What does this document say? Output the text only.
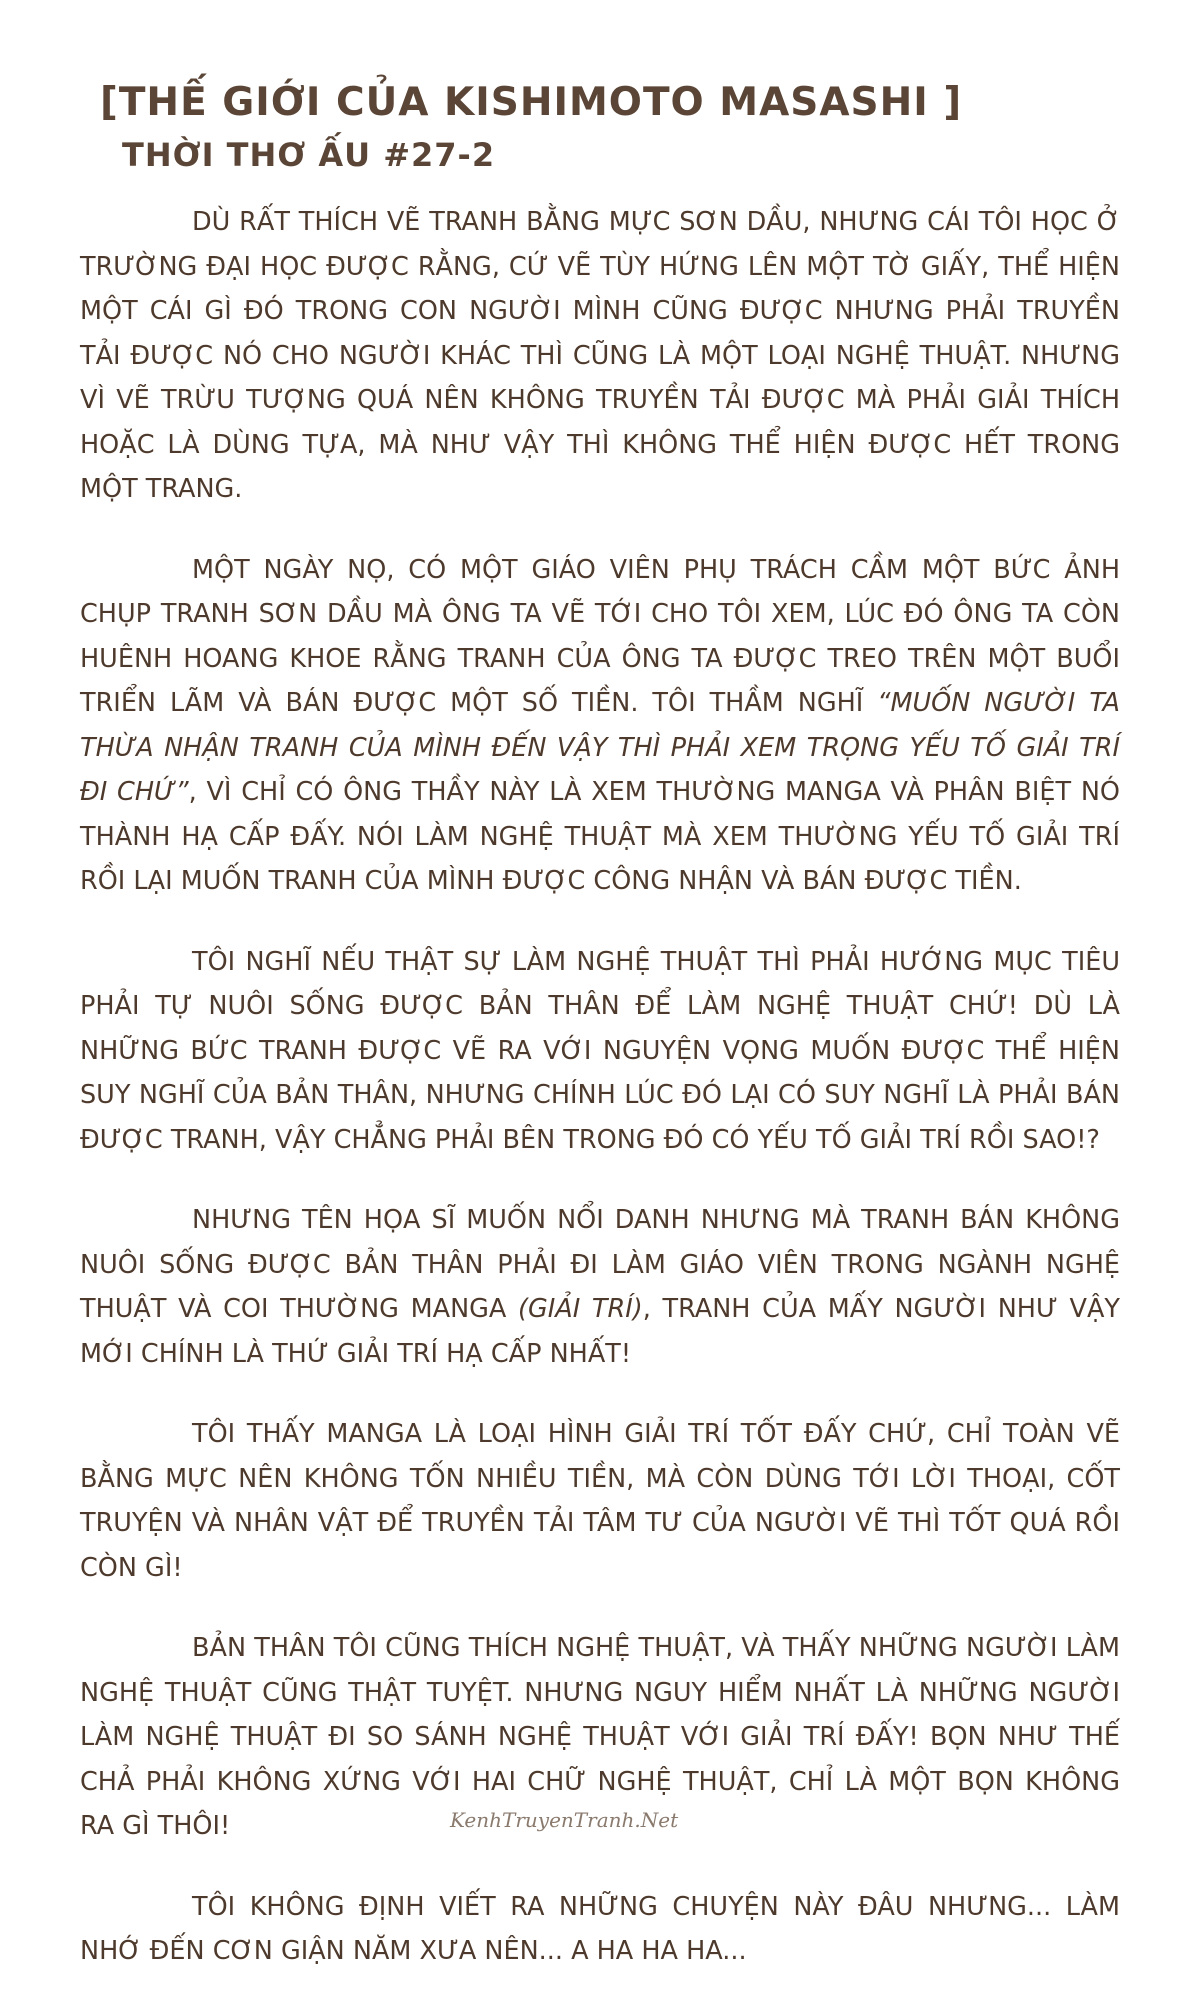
[THẾ GIỚI CỦA KISHIMOTO MASASHI ]
THỜI THƠ ẤU #27-2

DÙ RẤT THÍCH VẼ TRANH BẰNG MỰC SƠN DẦU, NHƯNG CÁI TÔI HỌC Ở TRƯỜNG ĐẠI HỌC ĐƯỢC RẰNG, CỨ VẼ TÙY HỨNG LÊN MỘT TỜ GIẤY, THỂ HIỆN MỘT CÁI GÌ ĐÓ TRONG CON NGƯỜI MÌNH CŨNG ĐƯỢC NHƯNG PHẢI TRUYỀN TẢI ĐƯỢC NÓ CHO NGƯỜI KHÁC THÌ CŨNG LÀ MỘT LOẠI NGHỆ THUẬT. NHƯNG VÌ VẼ TRỪU TƯỢNG QUÁ NÊN KHÔNG TRUYỀN TẢI ĐƯỢC MÀ PHẢI GIẢI THÍCH HOẶC LÀ DÙNG TỰA, MÀ NHƯ VẬY THÌ KHÔNG THỂ HIỆN ĐƯỢC HẾT TRONG MỘT TRANG.

MỘT NGÀY NỌ, CÓ MỘT GIÁO VIÊN PHỤ TRÁCH CẦM MỘT BỨC ẢNH CHỤP TRANH SƠN DẦU MÀ ÔNG TA VẼ TỚI CHO TÔI XEM, LÚC ĐÓ ÔNG TA CÒN HUÊNH HOANG KHOE RẰNG TRANH CỦA ÔNG TA ĐƯỢC TREO TRÊN MỘT BUỔI TRIỂN LÃM VÀ BÁN ĐƯỢC MỘT SỐ TIỀN. TÔI THẦM NGHĨ “MUỐN NGƯỜI TA THỪA NHẬN TRANH CỦA MÌNH ĐẾN VẬY THÌ PHẢI XEM TRỌNG YẾU TỐ GIẢI TRÍ ĐI CHỨ”, VÌ CHỈ CÓ ÔNG THẦY NÀY LÀ XEM THƯỜNG MANGA VÀ PHÂN BIỆT NÓ THÀNH HẠ CẤP ĐẤY. NÓI LÀM NGHỆ THUẬT MÀ XEM THƯỜNG YẾU TỐ GIẢI TRÍ RỒI LẠI MUỐN TRANH CỦA MÌNH ĐƯỢC CÔNG NHẬN VÀ BÁN ĐƯỢC TIỀN.

TÔI NGHĨ NẾU THẬT SỰ LÀM NGHỆ THUẬT THÌ PHẢI HƯỚNG MỤC TIÊU PHẢI TỰ NUÔI SỐNG ĐƯỢC BẢN THÂN ĐỂ LÀM NGHỆ THUẬT CHỨ! DÙ LÀ NHỮNG BỨC TRANH ĐƯỢC VẼ RA VỚI NGUYỆN VỌNG MUỐN ĐƯỢC THỂ HIỆN SUY NGHĨ CỦA BẢN THÂN, NHƯNG CHÍNH LÚC ĐÓ LẠI CÓ SUY NGHĨ LÀ PHẢI BÁN ĐƯỢC TRANH, VẬY CHẲNG PHẢI BÊN TRONG ĐÓ CÓ YẾU TỐ GIẢI TRÍ RỒI SAO!?

NHƯNG TÊN HỌA SĨ MUỐN NỔI DANH NHƯNG MÀ TRANH BÁN KHÔNG NUÔI SỐNG ĐƯỢC BẢN THÂN PHẢI ĐI LÀM GIÁO VIÊN TRONG NGÀNH NGHỆ THUẬT VÀ COI THƯỜNG MANGA (GIẢI TRÍ), TRANH CỦA MẤY NGƯỜI NHƯ VẬY MỚI CHÍNH LÀ THỨ GIẢI TRÍ HẠ CẤP NHẤT!

TÔI THẤY MANGA LÀ LOẠI HÌNH GIẢI TRÍ TỐT ĐẤY CHỨ, CHỈ TOÀN VẼ BẰNG MỰC NÊN KHÔNG TỐN NHIỀU TIỀN, MÀ CÒN DÙNG TỚI LỜI THOẠI, CỐT TRUYỆN VÀ NHÂN VẬT ĐỂ TRUYỀN TẢI TÂM TƯ CỦA NGƯỜI VẼ THÌ TỐT QUÁ RỒI CÒN GÌ!

BẢN THÂN TÔI CŨNG THÍCH NGHỆ THUẬT, VÀ THẤY NHỮNG NGƯỜI LÀM NGHỆ THUẬT CŨNG THẬT TUYỆT. NHƯNG NGUY HIỂM NHẤT LÀ NHỮNG NGƯỜI LÀM NGHỆ THUẬT ĐI SO SÁNH NGHỆ THUẬT VỚI GIẢI TRÍ ĐẤY! BỌN NHƯ THẾ CHẢ PHẢI KHÔNG XỨNG VỚI HAI CHỮ NGHỆ THUẬT, CHỈ LÀ MỘT BỌN KHÔNG RA GÌ THÔI!

TÔI KHÔNG ĐỊNH VIẾT RA NHỮNG CHUYỆN NÀY ĐÂU NHƯNG... LÀM NHỚ ĐẾN CƠN GIẬN NĂM XƯA NÊN... A HA HA HA...

KenhTruyenTranh.Net
